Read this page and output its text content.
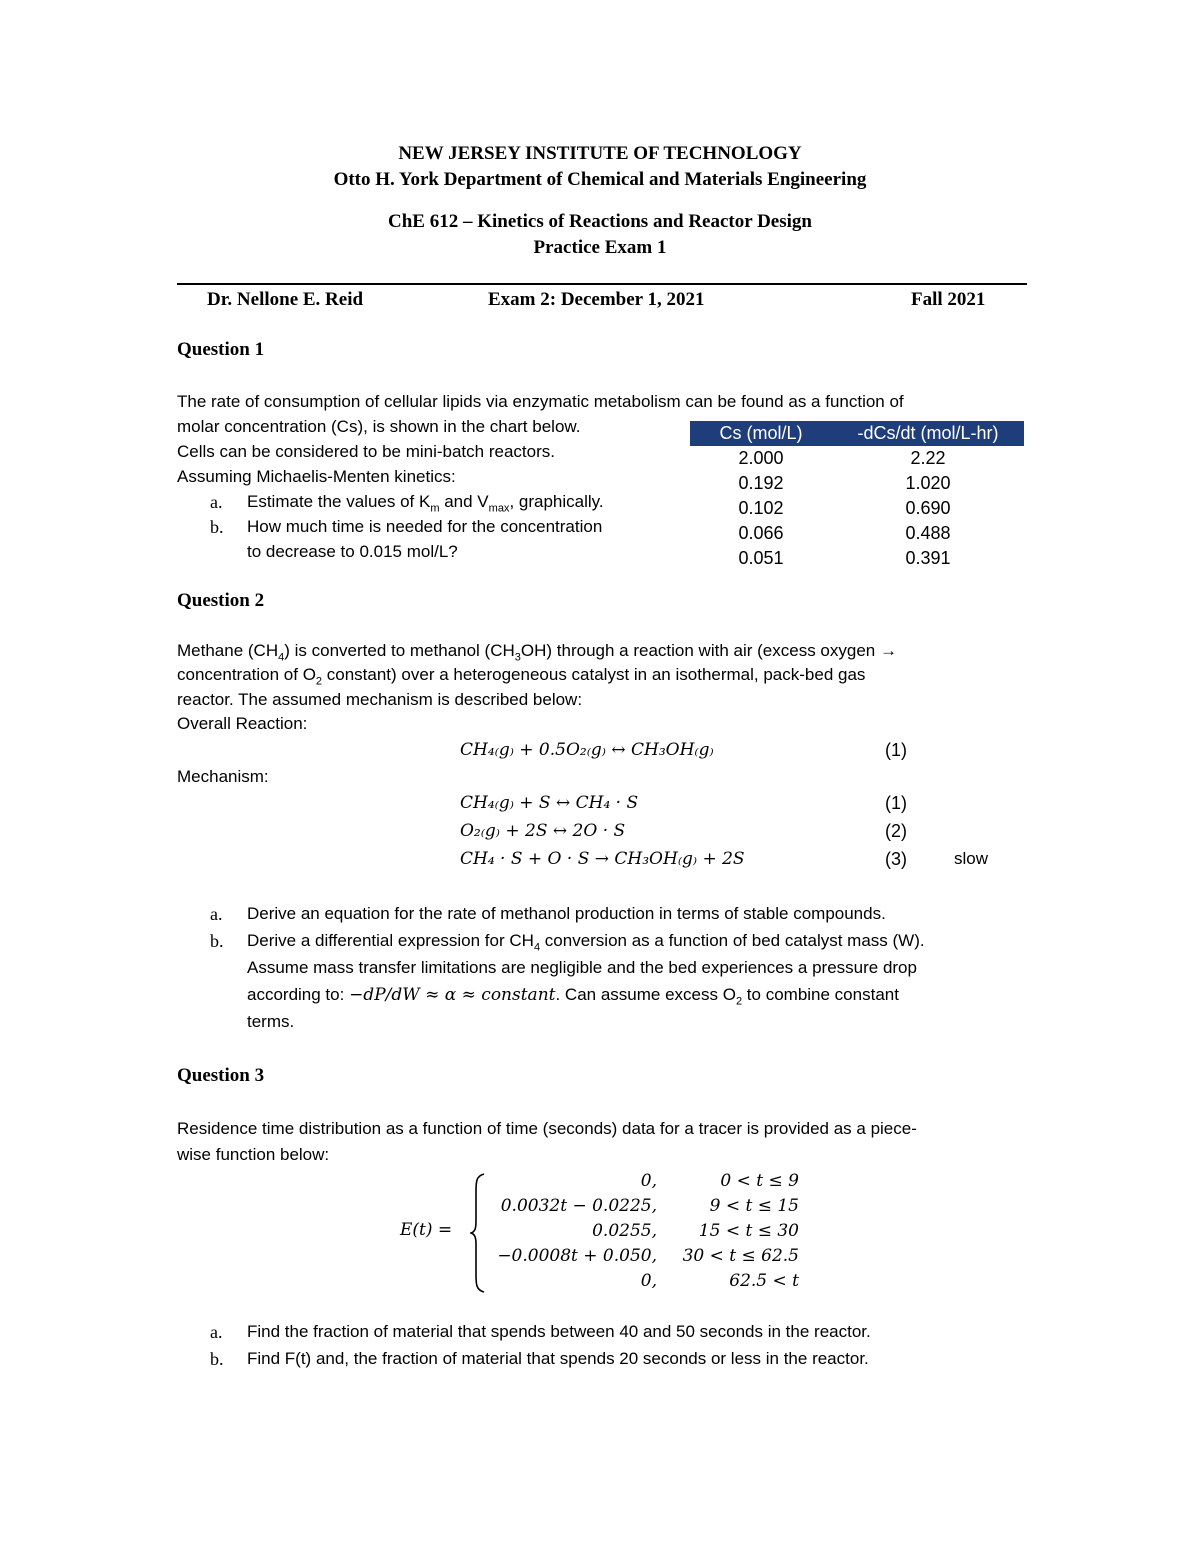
NEW JERSEY INSTITUTE OF TECHNOLOGY
Otto H. York Department of Chemical and Materials Engineering
ChE 612 – Kinetics of Reactions and Reactor Design
Practice Exam 1
Dr. Nellone E. Reid	Exam 2: December 1, 2021	Fall 2021
Question 1
The rate of consumption of cellular lipids via enzymatic metabolism can be found as a function of
molar concentration (Cs), is shown in the chart below.
Cells can be considered to be mini-batch reactors.
Assuming Michaelis-Menten kinetics:
a. Estimate the values of $K_m$ and $V_{max}$, graphically.
b. How much time is needed for the concentration
to decrease to 0.015 mol/L?
Cs (mol/L)	-dCs/dt (mol/L-hr)
2.000	2.22
0.192	1.020
0.102	0.690
0.066	0.488
0.051	0.391
Question 2
Methane $(CH_4)$ is converted to methanol $(CH_3OH)$ through a reaction with air (excess oxygen →
concentration of $O_2$ constant) over a heterogeneous catalyst in an isothermal, pack-bed gas
reactor. The assumed mechanism is described below:
Overall Reaction:
CH₄₍g₎ + 0.5O₂₍g₎ ↔ CH₃OH₍g₎	(1)
Mechanism:
CH₄₍g₎ + S ↔ CH₄ · S	(1)
O₂₍g₎ + 2S ↔ 2O · S	(2)
CH₄ · S + O · S → CH₃OH₍g₎ + 2S	(3)	slow
a. Derive an equation for the rate of methanol production in terms of stable compounds.
b. Derive a differential expression for $CH_4$ conversion as a function of bed catalyst mass (W).
Assume mass transfer limitations are negligible and the bed experiences a pressure drop
according to: −dP/dW ≈ α ≈ constant. Can assume excess $O_2$ to combine constant
terms.
Question 3
Residence time distribution as a function of time (seconds) data for a tracer is provided as a piece-
wise function below:
E(t) =
0,	0 < t ≤ 9
0.0032t − 0.0225,	9 < t ≤ 15
0.0255,	15 < t ≤ 30
−0.0008t + 0.050,	30 < t ≤ 62.5
0,	62.5 < t
a. Find the fraction of material that spends between 40 and 50 seconds in the reactor.
b. Find F(t) and, the fraction of material that spends 20 seconds or less in the reactor.
